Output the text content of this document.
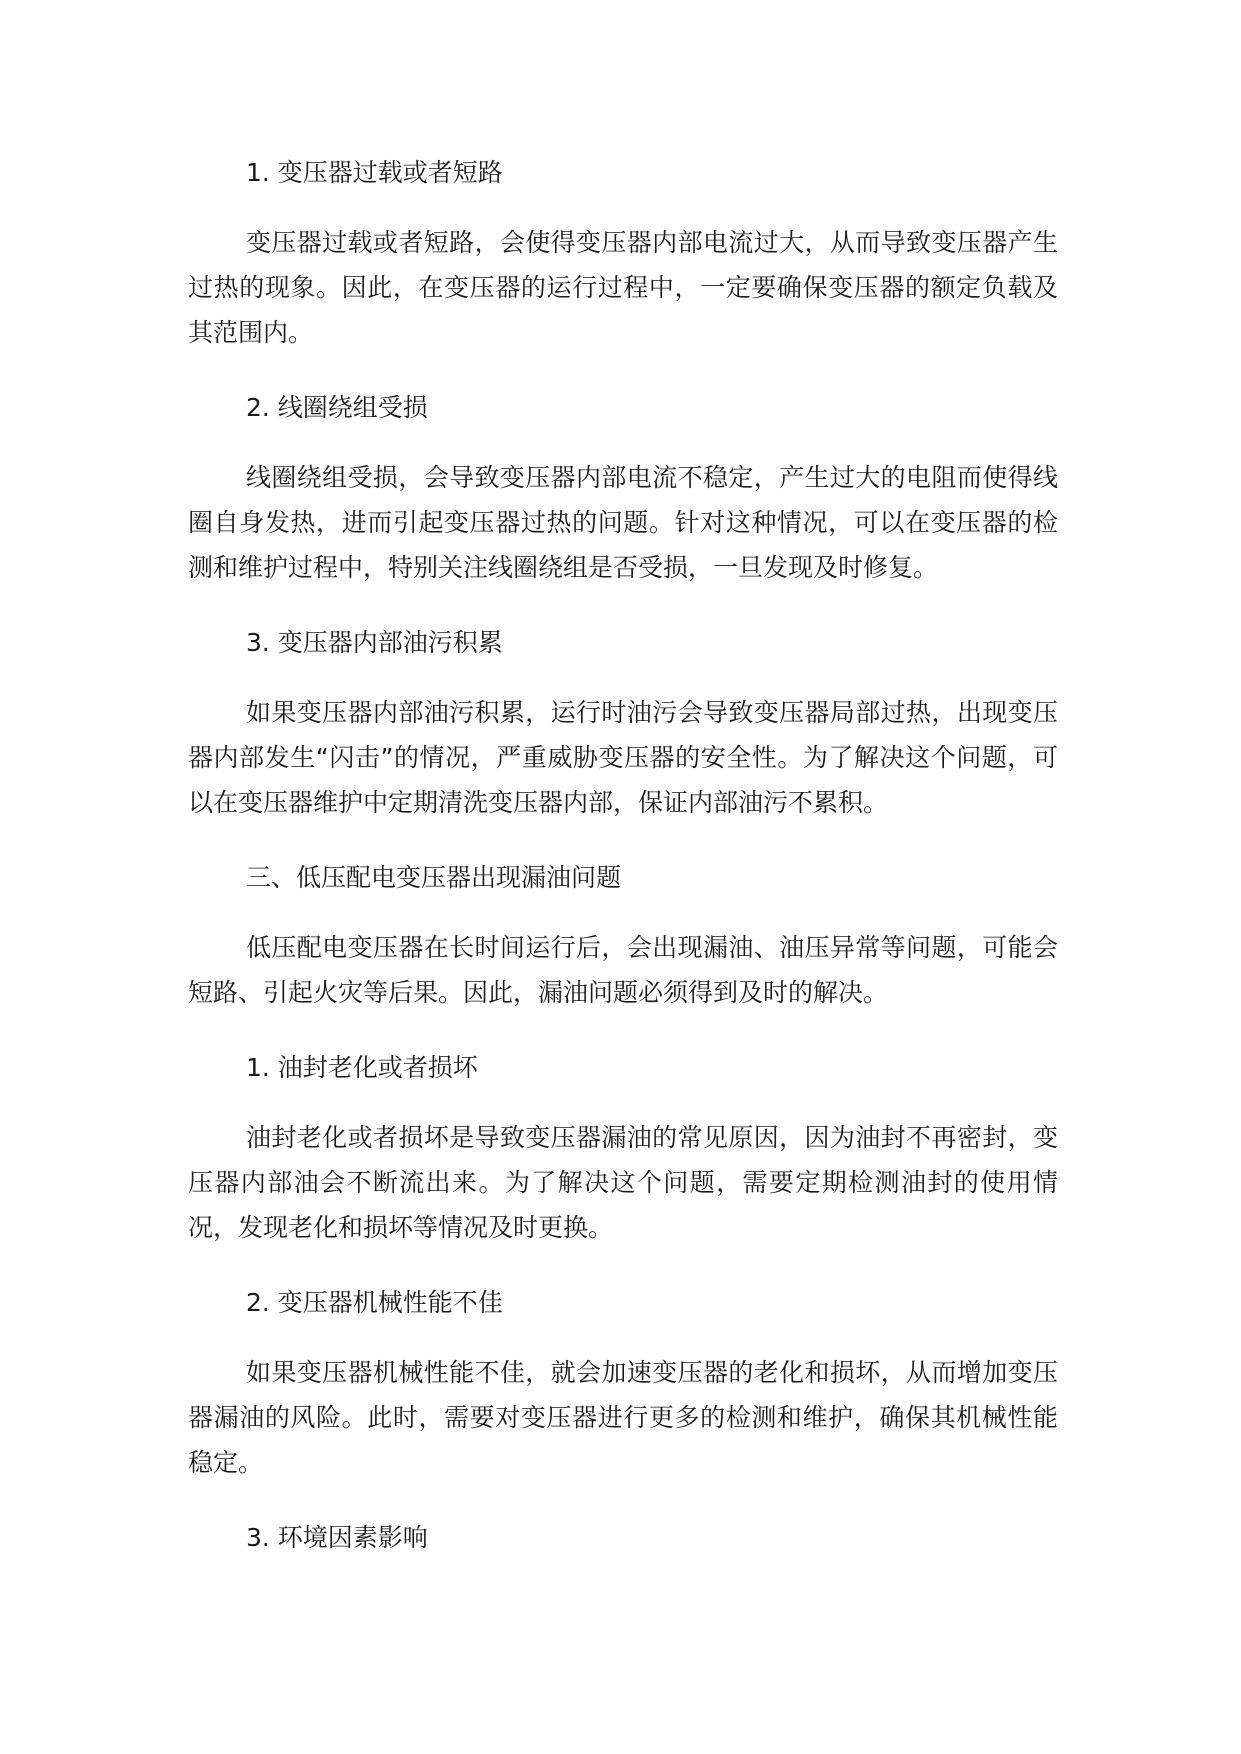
1. 变压器过载或者短路

变压器过载或者短路，会使得变压器内部电流过大，从而导致变压器产生过热的现象。因此，在变压器的运行过程中，一定要确保变压器的额定负载及其范围内。

2. 线圈绕组受损

线圈绕组受损，会导致变压器内部电流不稳定，产生过大的电阻而使得线圈自身发热，进而引起变压器过热的问题。针对这种情况，可以在变压器的检测和维护过程中，特别关注线圈绕组是否受损，一旦发现及时修复。

3. 变压器内部油污积累

如果变压器内部油污积累，运行时油污会导致变压器局部过热，出现变压器内部发生“闪击”的情况，严重威胁变压器的安全性。为了解决这个问题，可以在变压器维护中定期清洗变压器内部，保证内部油污不累积。

三、低压配电变压器出现漏油问题

低压配电变压器在长时间运行后，会出现漏油、油压异常等问题，可能会短路、引起火灾等后果。因此，漏油问题必须得到及时的解决。

1. 油封老化或者损坏

油封老化或者损坏是导致变压器漏油的常见原因，因为油封不再密封，变压器内部油会不断流出来。为了解决这个问题，需要定期检测油封的使用情况，发现老化和损坏等情况及时更换。

2. 变压器机械性能不佳

如果变压器机械性能不佳，就会加速变压器的老化和损坏，从而增加变压器漏油的风险。此时，需要对变压器进行更多的检测和维护，确保其机械性能稳定。

3. 环境因素影响
